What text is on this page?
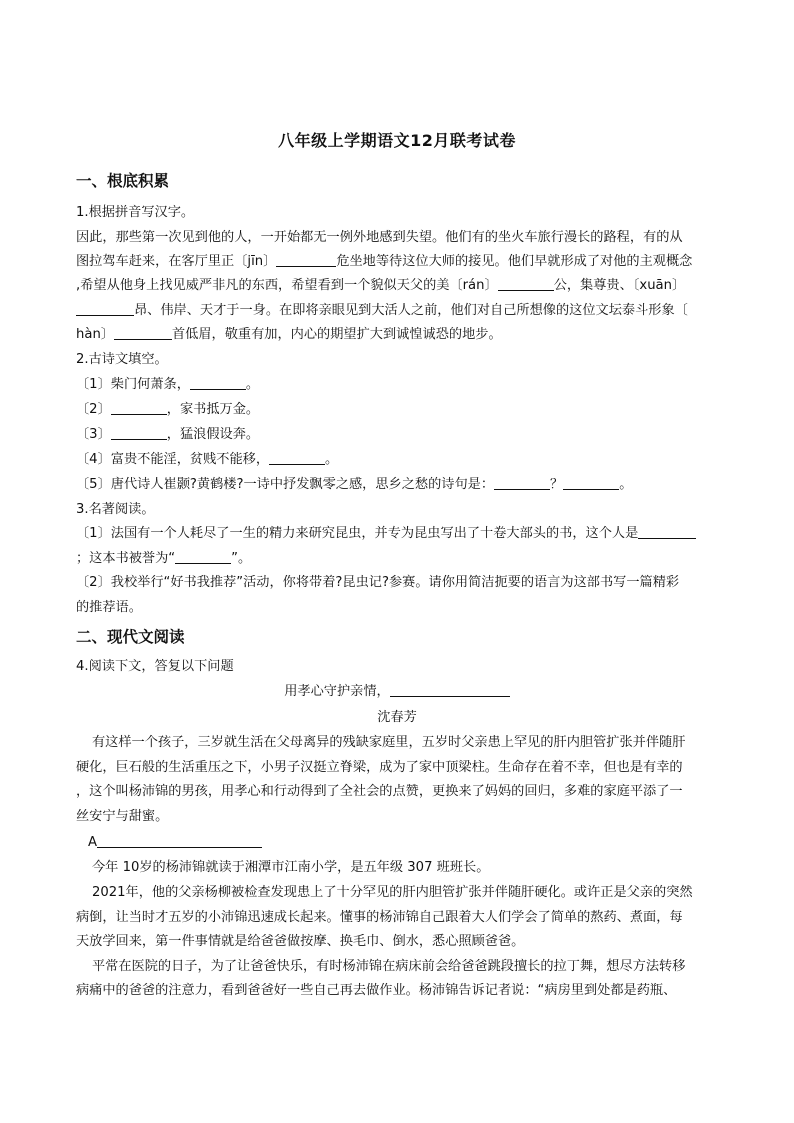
八年级上学期语文12月联考试卷
一、根底积累
1.根据拼音写汉字。
因此，那些第一次见到他的人，一开始都无一例外地感到失望。他们有的坐火车旅行漫长的路程，有的从
图拉驾车赶来，在客厅里正〔jīn〕	危坐地等待这位大师的接见。他们早就形成了对他的主观概念
,希望从他身上找见威严非凡的东西，希望看到一个貌似天父的美〔rán〕	公，集尊贵、〔xuān〕
昂、伟岸、天才于一身。在即将亲眼见到大活人之前，他们对自己所想像的这位文坛泰斗形象〔
hàn〕	首低眉，敬重有加，内心的期望扩大到诚惶诚恐的地步。
2.古诗文填空。
〔1〕柴门何萧条，	。
〔2〕	，家书抵万金。
〔3〕	，猛浪假设奔。
〔4〕富贵不能淫，贫贱不能移，	。
〔5〕唐代诗人崔颢?黄鹤楼?一诗中抒发飘零之感，思乡之愁的诗句是：	？	。
3.名著阅读。
〔1〕法国有一个人耗尽了一生的精力来研究昆虫，并专为昆虫写出了十卷大部头的书，这个人是
；这本书被誉为“	”。
〔2〕我校举行“好书我推荐”活动，你将带着?昆虫记?参赛。请你用简洁扼要的语言为这部书写一篇精彩
的推荐语。
二、现代文阅读
4.阅读下文，答复以下问题
用孝心守护亲情，
沈春芳
有这样一个孩子，三岁就生活在父母离异的残缺家庭里，五岁时父亲患上罕见的肝内胆管扩张并伴随肝
硬化，巨石般的生活重压之下，小男子汉挺立脊梁，成为了家中顶梁柱。生命存在着不幸，但也是有幸的
，这个叫杨沛锦的男孩，用孝心和行动得到了全社会的点赞，更换来了妈妈的回归，多难的家庭平添了一
丝安宁与甜蜜。
A
今年 10岁的杨沛锦就读于湘潭市江南小学，是五年级 307 班班长。
2021年，他的父亲杨柳被检查发现患上了十分罕见的肝内胆管扩张并伴随肝硬化。或许正是父亲的突然
病倒，让当时才五岁的小沛锦迅速成长起来。懂事的杨沛锦自己跟着大人们学会了简单的熬药、煮面，每
天放学回来，第一件事情就是给爸爸做按摩、换毛巾、倒水，悉心照顾爸爸。
平常在医院的日子，为了让爸爸快乐，有时杨沛锦在病床前会给爸爸跳段擅长的拉丁舞，想尽方法转移
病痛中的爸爸的注意力，看到爸爸好一些自己再去做作业。杨沛锦告诉记者说：“病房里到处都是药瓶、
